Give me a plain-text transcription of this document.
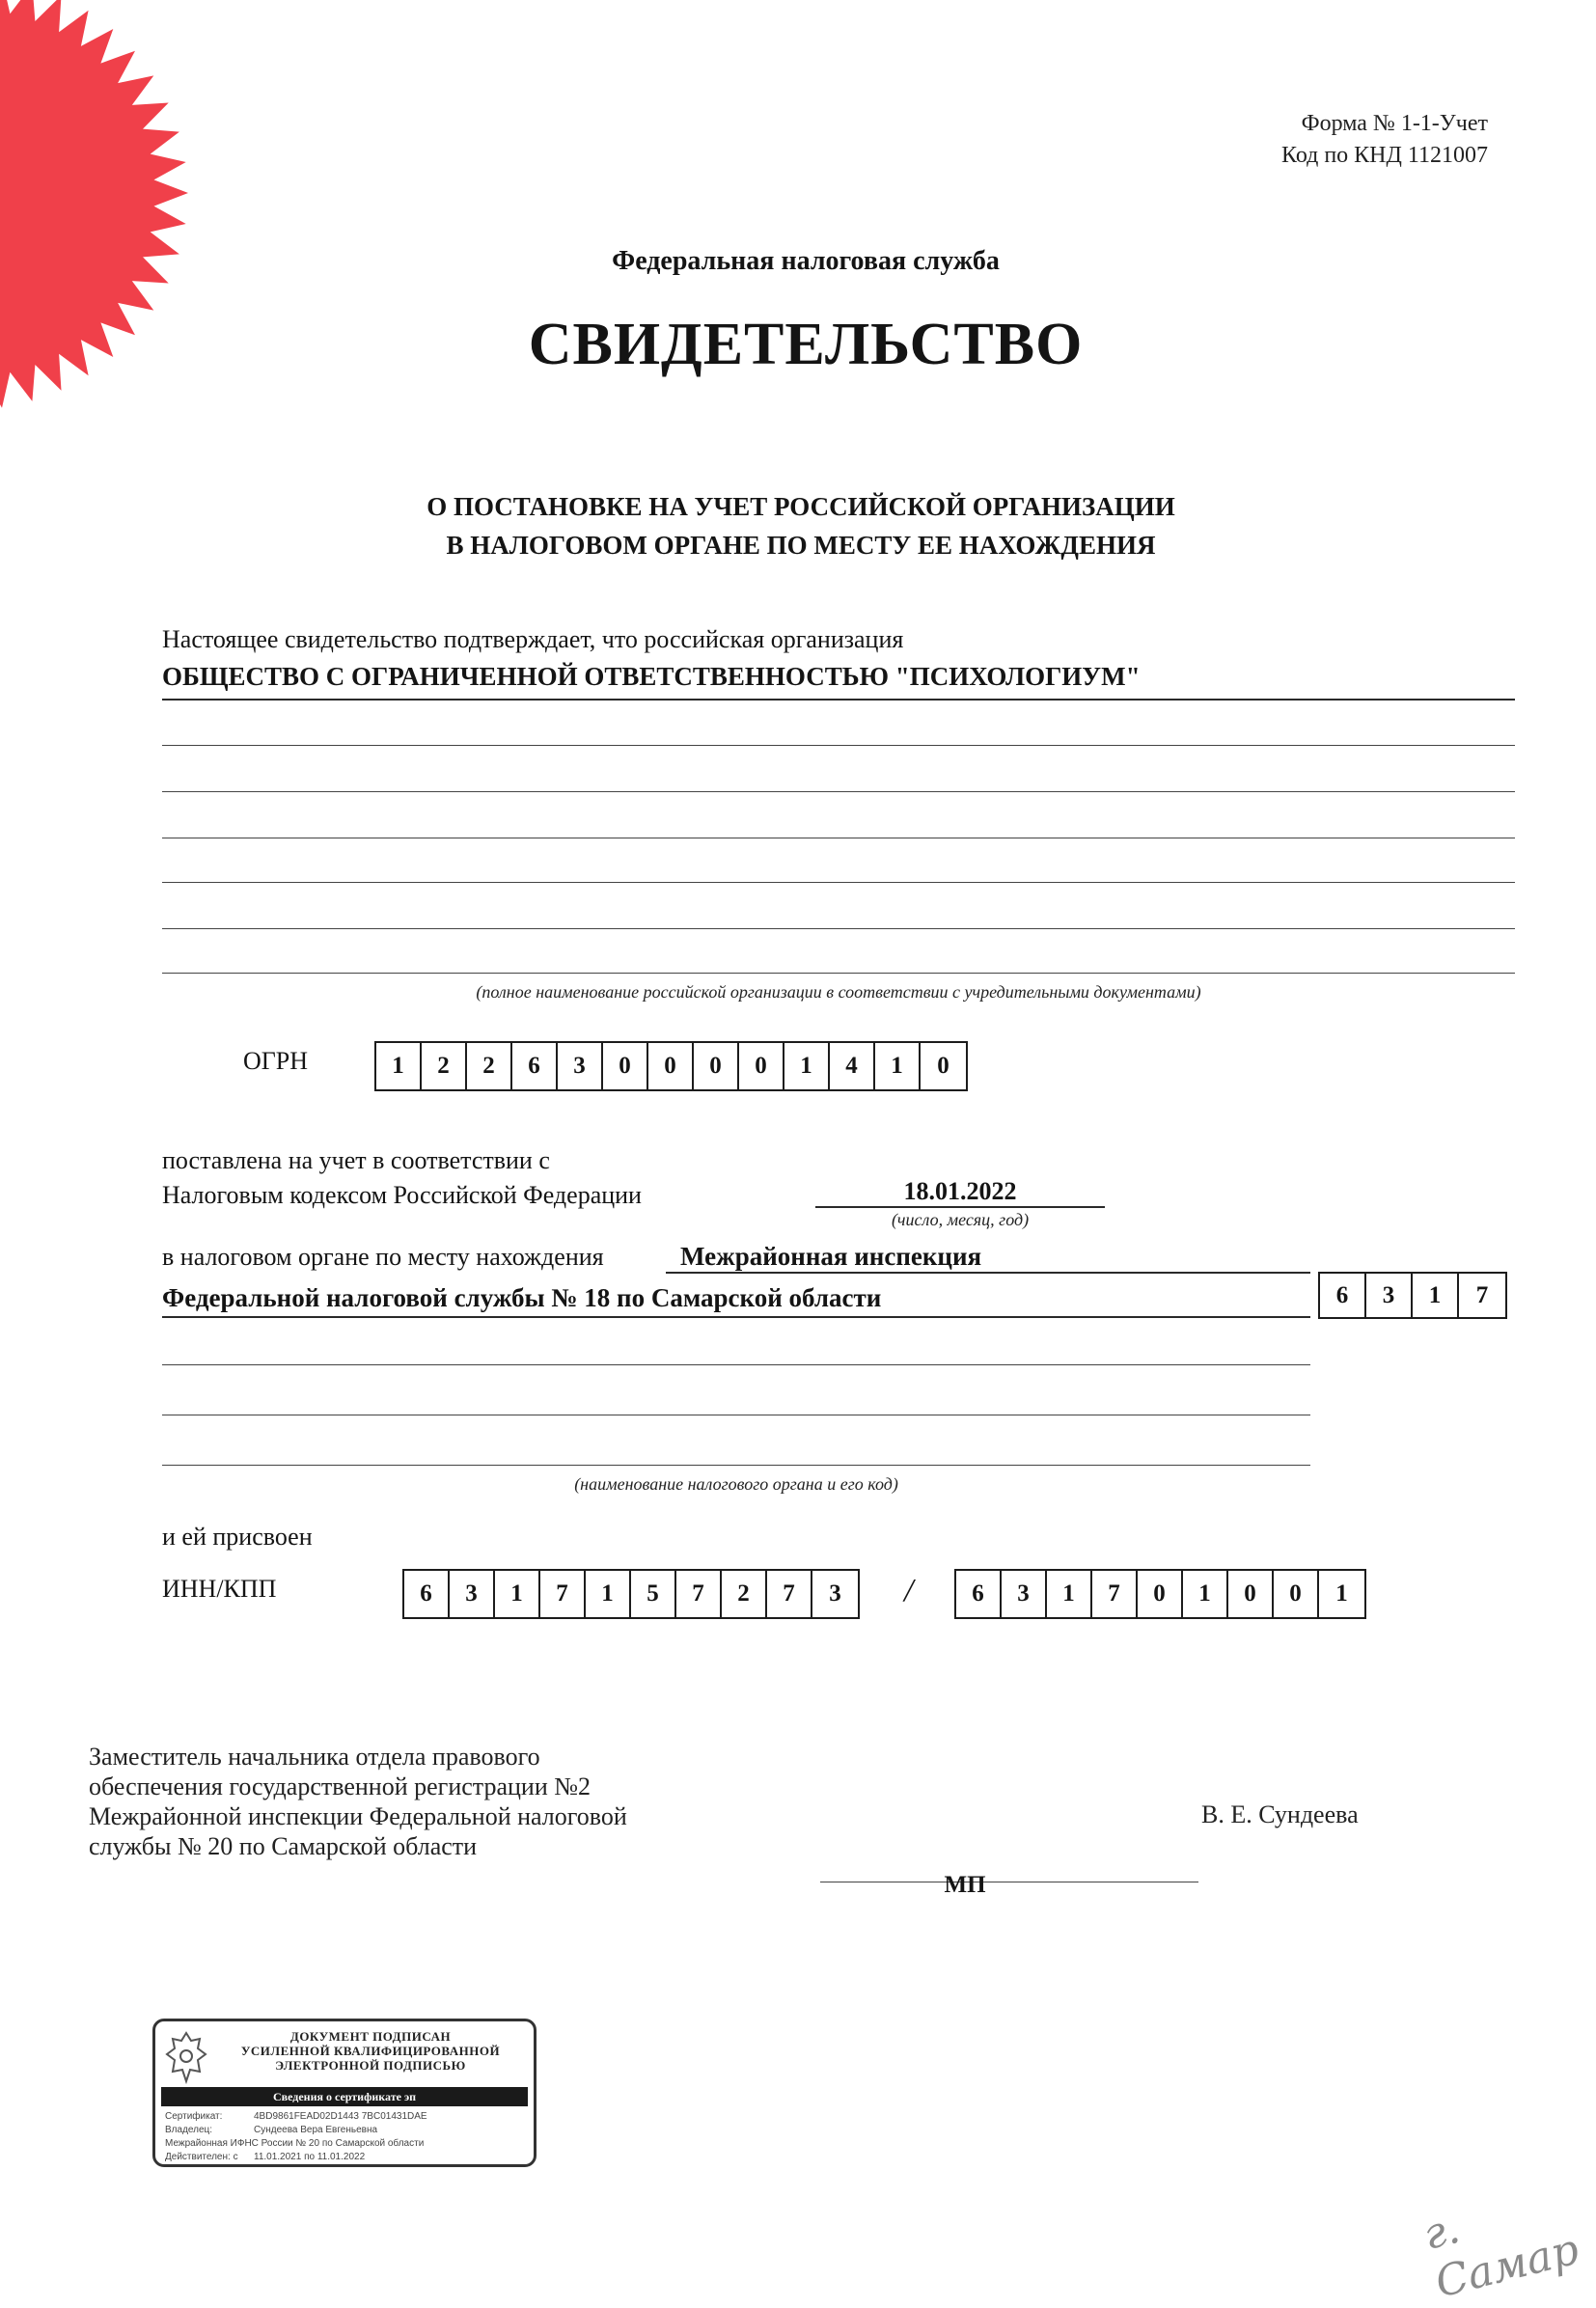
Форма № 1-1-Учет
Код по КНД 1121007
Федеральная налоговая служба
СВИДЕТЕЛЬСТВО
О ПОСТАНОВКЕ НА УЧЕТ РОССИЙСКОЙ ОРГАНИЗАЦИИ
В НАЛОГОВОМ ОРГАНЕ ПО МЕСТУ ЕЕ НАХОЖДЕНИЯ
Настоящее свидетельство подтверждает, что российская организация
ОБЩЕСТВО С ОГРАНИЧЕННОЙ ОТВЕТСТВЕННОСТЬЮ "ПСИХОЛОГИУМ"
(полное наименование российской организации в соответствии с учредительными документами)
ОГРН	1	2	2	6	3	0	0	0	0	1	4	1	0
поставлена на учет в соответствии с
Налоговым кодексом Российской Федерации	18.01.2022
(число, месяц, год)
в налоговом органе по месту нахождения	Межрайонная инспекция
Федеральной налоговой службы № 18 по Самарской области	6	3	1	7
(наименование налогового органа и его код)
и ей присвоен
ИНН/КПП	6	3	1	7	1	5	7	2	7	3	/	6	3	1	7	0	1	0	0	1
Заместитель начальника отдела правового
обеспечения государственной регистрации №2
Межрайонной инспекции Федеральной налоговой
службы № 20 по Самарской области
МП
В. Е. Сундеева
ДОКУМЕНТ ПОДПИСАН
УСИЛЕННОЙ КВАЛИФИЦИРОВАННОЙ
ЭЛЕКТРОННОЙ ПОДПИСЬЮ
Сведения о сертификате эп
Сертификат:	4BD9861FEAD02D1443 7BC01431DAE
Владелец:	Сундеева Вера Евгеньевна
Межрайонная ИФНС России № 20 по Самарской области
Действителен: с 11.01.2021 по 11.01.2022
г. Самар
